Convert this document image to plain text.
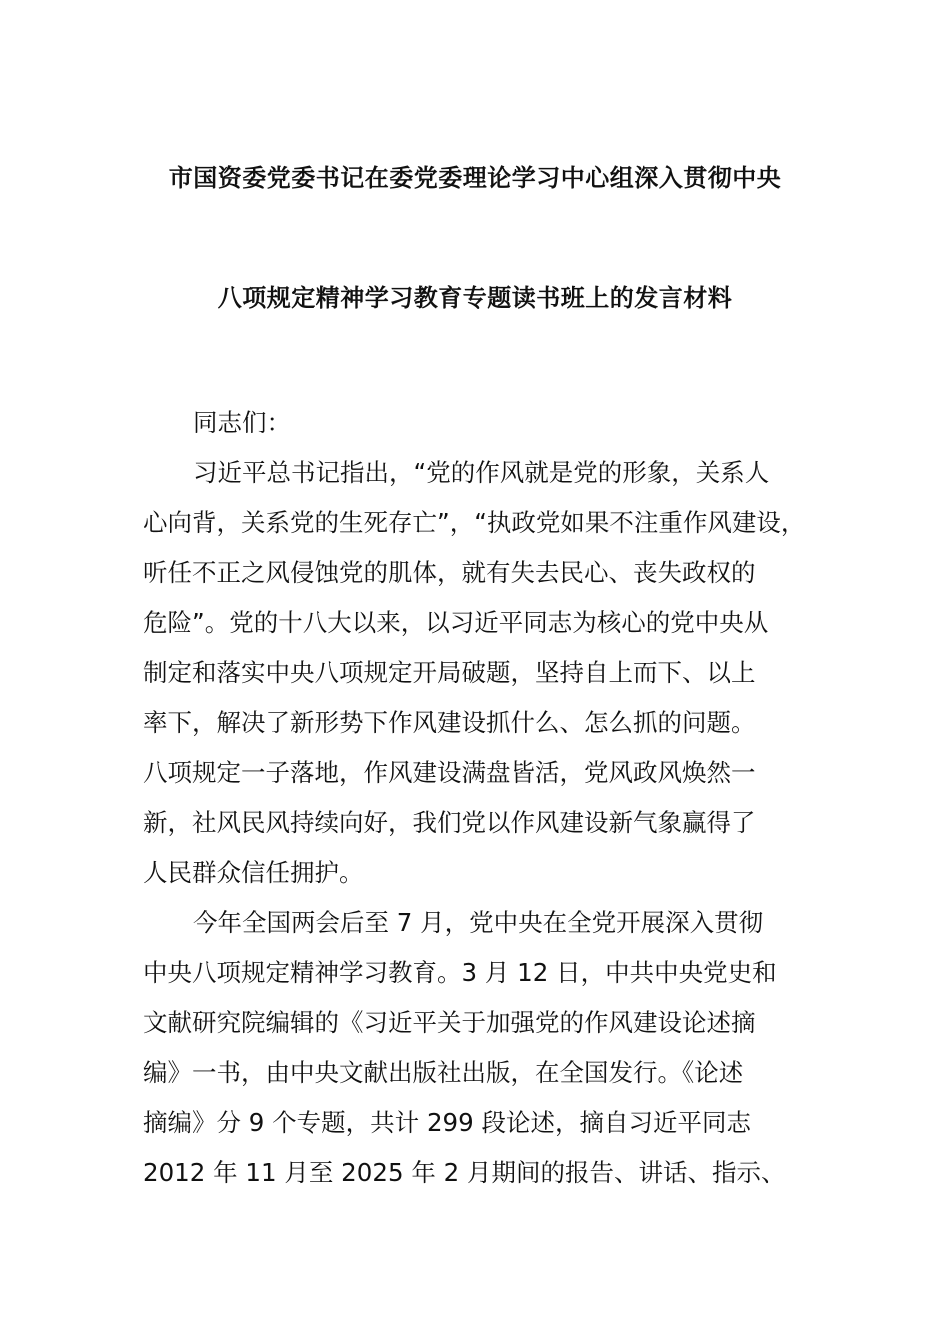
市国资委党委书记在委党委理论学习中心组深入贯彻中央
八项规定精神学习教育专题读书班上的发言材料
同志们：
习近平总书记指出，“党的作风就是党的形象，关系人
心向背，关系党的生死存亡”，“执政党如果不注重作风建设，
听任不正之风侵蚀党的肌体，就有失去民心、丧失政权的
危险”。党的十八大以来，以习近平同志为核心的党中央从
制定和落实中央八项规定开局破题，坚持自上而下、以上
率下，解决了新形势下作风建设抓什么、怎么抓的问题。
八项规定一子落地，作风建设满盘皆活，党风政风焕然一
新，社风民风持续向好，我们党以作风建设新气象赢得了
人民群众信任拥护。
今年全国两会后至 7 月，党中央在全党开展深入贯彻
中央八项规定精神学习教育。3 月 12 日，中共中央党史和
文献研究院编辑的《习近平关于加强党的作风建设论述摘
编》一书，由中央文献出版社出版，在全国发行。《论述
摘编》分 9 个专题，共计 299 段论述，摘自习近平同志
2012 年 11 月至 2025 年 2 月期间的报告、讲话、指示、
